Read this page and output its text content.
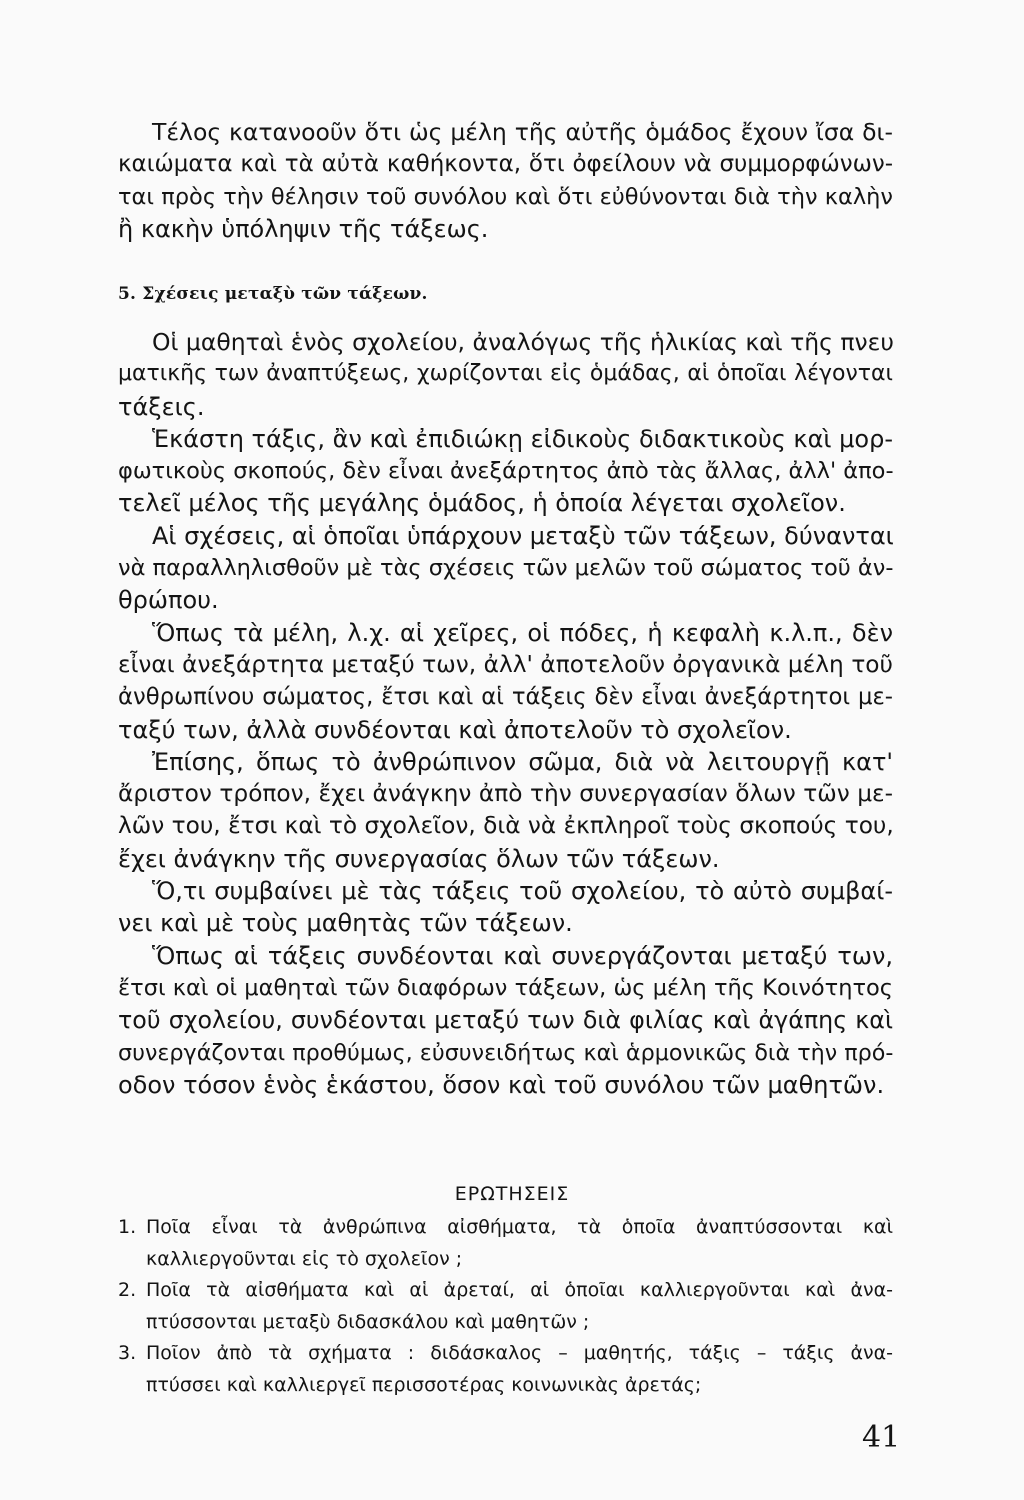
Τέλος κατανοοῦν ὅτι ὡς μέλη τῆς αὐτῆς ὁμάδος ἔχουν ἴσα δι-
καιώματα καὶ τὰ αὐτὰ καθήκοντα, ὅτι ὀφείλουν νὰ συμμορφώνων-
ται πρὸς τὴν θέλησιν τοῦ συνόλου καὶ ὅτι εὐθύνονται διὰ τὴν καλὴν
ἢ κακὴν ὑπόληψιν τῆς τάξεως.
5. Σχέσεις μεταξὺ τῶν τάξεων.
Οἱ μαθηταὶ ἑνὸς σχολείου, ἀναλόγως τῆς ἡλικίας καὶ τῆς πνευ
ματικῆς των ἀναπτύξεως, χωρίζονται εἰς ὁμάδας, αἱ ὁποῖαι λέγονται
τάξεις.
Ἑκάστη τάξις, ἂν καὶ ἐπιδιώκῃ εἰδικοὺς διδακτικοὺς καὶ μορ-
φωτικοὺς σκοπούς, δὲν εἶναι ἀνεξάρτητος ἀπὸ τὰς ἄλλας, ἀλλ' ἀπο-
τελεῖ μέλος τῆς μεγάλης ὁμάδος, ἡ ὁποία λέγεται σχολεῖον.
Αἱ σχέσεις, αἱ ὁποῖαι ὑπάρχουν μεταξὺ τῶν τάξεων, δύνανται
νὰ παραλληλισθοῦν μὲ τὰς σχέσεις τῶν μελῶν τοῦ σώματος τοῦ ἀν-
θρώπου.
Ὅπως τὰ μέλη, λ.χ. αἱ χεῖρες, οἱ πόδες, ἡ κεφαλὴ κ.λ.π., δὲν
εἶναι ἀνεξάρτητα μεταξύ των, ἀλλ' ἀποτελοῦν ὀργανικὰ μέλη τοῦ
ἀνθρωπίνου σώματος, ἔτσι καὶ αἱ τάξεις δὲν εἶναι ἀνεξάρτητοι με-
ταξύ των, ἀλλὰ συνδέονται καὶ ἀποτελοῦν τὸ σχολεῖον.
Ἐπίσης, ὅπως τὸ ἀνθρώπινον σῶμα, διὰ νὰ λειτουργῇ κατ'
ἄριστον τρόπον, ἔχει ἀνάγκην ἀπὸ τὴν συνεργασίαν ὅλων τῶν με-
λῶν του, ἔτσι καὶ τὸ σχολεῖον, διὰ νὰ ἐκπληροῖ τοὺς σκοπούς του,
ἔχει ἀνάγκην τῆς συνεργασίας ὅλων τῶν τάξεων.
Ὅ,τι συμβαίνει μὲ τὰς τάξεις τοῦ σχολείου, τὸ αὐτὸ συμβαί-
νει καὶ μὲ τοὺς μαθητὰς τῶν τάξεων.
Ὅπως αἱ τάξεις συνδέονται καὶ συνεργάζονται μεταξύ των,
ἔτσι καὶ οἱ μαθηταὶ τῶν διαφόρων τάξεων, ὡς μέλη τῆς Κοινότητος
τοῦ σχολείου, συνδέονται μεταξύ των διὰ φιλίας καὶ ἀγάπης καὶ
συνεργάζονται προθύμως, εὐσυνειδήτως καὶ ἁρμονικῶς διὰ τὴν πρό-
οδον τόσον ἑνὸς ἑκάστου, ὅσον καὶ τοῦ συνόλου τῶν μαθητῶν.
ΕΡΩΤΗΣΕΙΣ
1. Ποῖα εἶναι τὰ ἀνθρώπινα αἰσθήματα, τὰ ὁποῖα ἀναπτύσσονται καὶ
καλλιεργοῦνται εἰς τὸ σχολεῖον ;
2. Ποῖα τὰ αἰσθήματα καὶ αἱ ἀρεταί, αἱ ὁποῖαι καλλιεργοῦνται καὶ ἀνα-
πτύσσονται μεταξὺ διδασκάλου καὶ μαθητῶν ;
3. Ποῖον ἀπὸ τὰ σχήματα : διδάσκαλος – μαθητής, τάξις – τάξις ἀνα-
πτύσσει καὶ καλλιεργεῖ περισσοτέρας κοινωνικὰς ἀρετάς;
41
